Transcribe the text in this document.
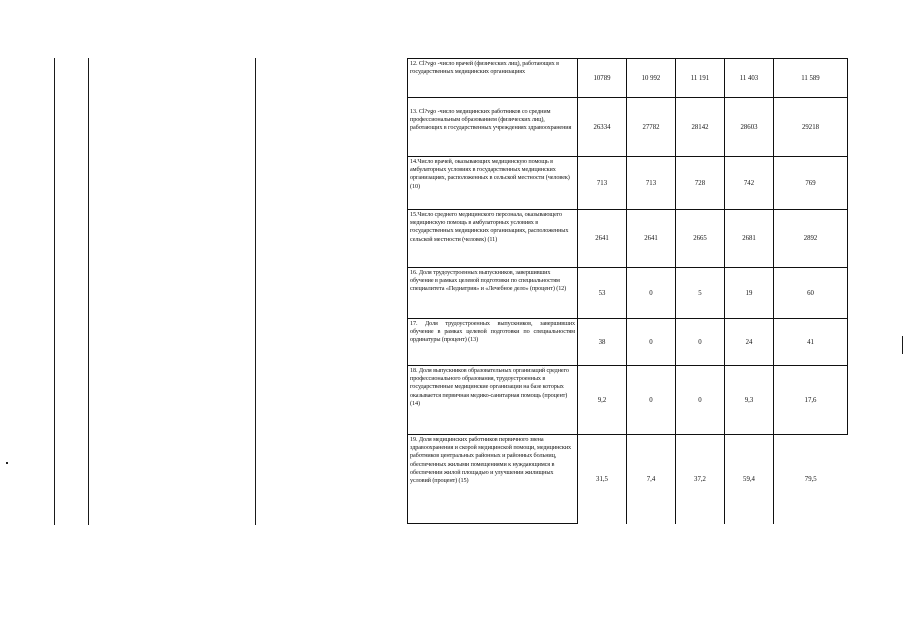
12. Cl?vgo -число врачей (физических лиц), работающих в государственных медицинских организациях	10789	10 992	11 191	11 403	11 589
13. Cl?vgo -число медицинских работников со средним профессиональным образованием (физических лиц), работающих в государственных учреждениях здравоохранения	26334	27782	28142	28603	29218
14.Число врачей, оказывающих медицинскую помощь в амбулаторных условиях в государственных медицинских организациях, расположенных в сельской местности (человек)(10)	713	713	728	742	769
15.Число среднего медицинского персонала, оказывающего медицинскую помощь в амбулаторных условиях в государственных медицинских организациях, расположенных сельской местности (человек) (11)	2641	2641	2665	2681	2892
16. Доля трудоустроенных выпускников, завершивших обучение в рамках целевой подготовки по специальностям специалитета «Педиатрия» и «Лечебное дело» (процент) (12)	53	0	5	19	60
17. Доля трудоустроенных выпускников, завершивших обучение в рамках целевой подготовки по специальностям ординатуры (процент) (13)	38	0	0	24	41
18. Доля выпускников образовательных организаций среднего профессионального образования, трудоустроенных в государственные медицинские организации на базе которых оказывается первичная медико-санитарная помощь (процент) (14)	9,2	0	0	9,3	17,6
19. Доля медицинских работников первичного звена здравоохранения и скорой медицинской помощи, медицинских работников центральных районных и районных больниц, обеспеченных жилыми помещениями к нуждающимся в обеспечении жилой площадью и улучшении жилищных условий (процент) (15)	31,5	7,4	37,2	59,4	79,5
